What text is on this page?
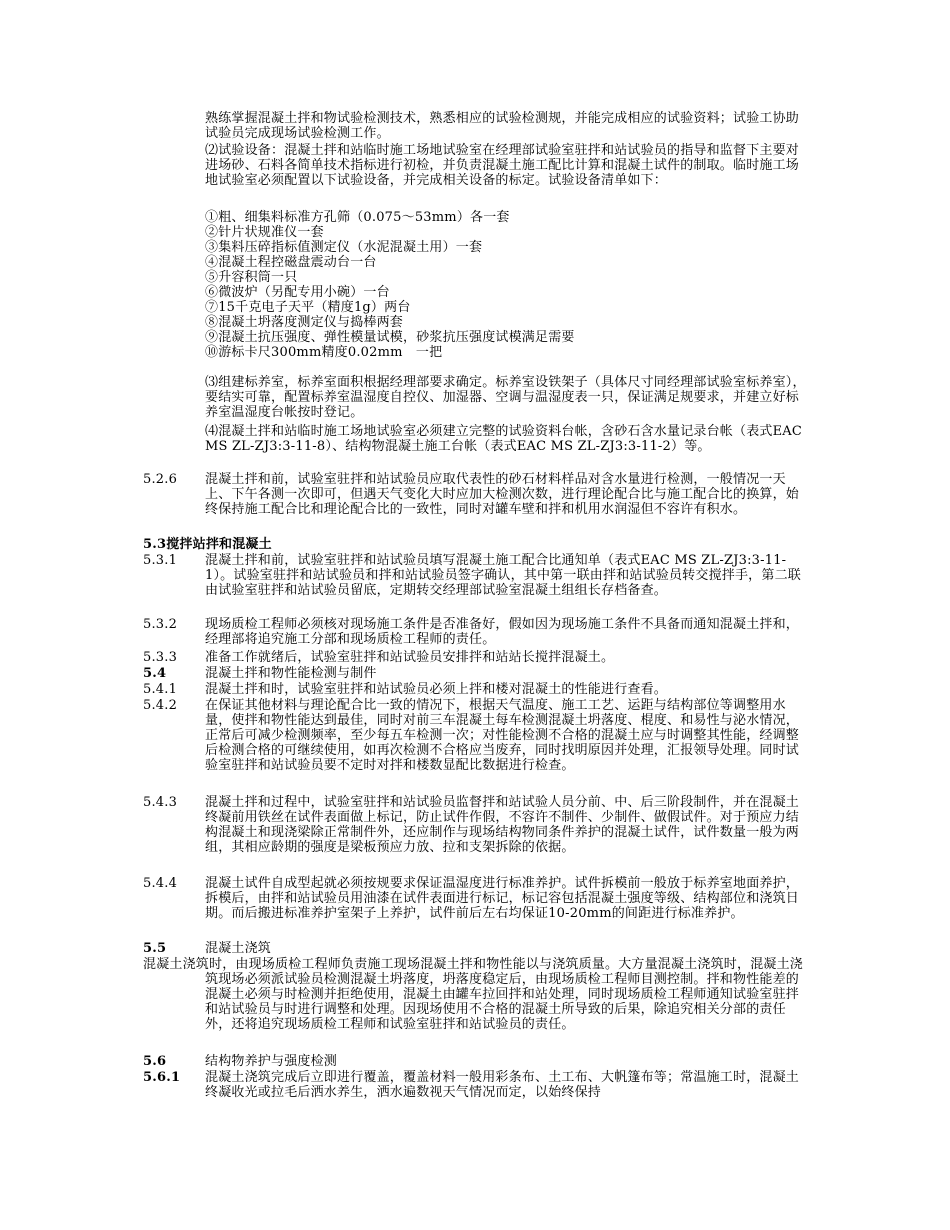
熟练掌握混凝土拌和物试验检测技术，熟悉相应的试验检测规，并能完成相应的试验资料；试验工协助试验员完成现场试验检测工作。

⑵试验设备：混凝土拌和站临时施工场地试验室在经理部试验室驻拌和站试验员的指导和监督下主要对进场砂、石料各简单技术指标进行初检，并负责混凝土施工配比计算和混凝土试件的制取。临时施工场地试验室必须配置以下试验设备，并完成相关设备的标定。试验设备清单如下：

①粗、细集料标准方孔筛（0.075～53mm）各一套
②针片状规准仪一套
③集料压碎指标值测定仪（水泥混凝土用）一套
④混凝土程控磁盘震动台一台
⑤升容积筒一只
⑥微波炉（另配专用小碗）一台
⑦15千克电子天平（精度1g）两台
⑧混凝土坍落度测定仪与捣棒两套
⑨混凝土抗压强度、弹性模量试模，砂浆抗压强度试模满足需要
⑩游标卡尺300mm精度0.02mm　一把

⑶组建标养室，标养室面积根据经理部要求确定。标养室设铁架子（具体尺寸同经理部试验室标养室），要结实可靠，配置标养室温湿度自控仪、加湿器、空调与温湿度表一只，保证满足规要求，并建立好标养室温湿度台帐按时登记。

⑷混凝土拌和站临时施工场地试验室必须建立完整的试验资料台帐，含砂石含水量记录台帐（表式EAC MS ZL-ZJ3:3-11-8）、结构物混凝土施工台帐（表式EAC MS ZL-ZJ3:3-11-2）等。

5.2.6 混凝土拌和前，试验室驻拌和站试验员应取代表性的砂石材料样品对含水量进行检测，一般情况一天上、下午各测一次即可，但遇天气变化大时应加大检测次数，进行理论配合比与施工配合比的换算，始终保持施工配合比和理论配合比的一致性，同时对罐车壁和拌和机用水润湿但不容许有积水。

5.3搅拌站拌和混凝土

5.3.1 混凝土拌和前，试验室驻拌和站试验员填写混凝土施工配合比通知单（表式EAC MS ZL-ZJ3:3-11-1）。试验室驻拌和站试验员和拌和站试验员签字确认，其中第一联由拌和站试验员转交搅拌手，第二联由试验室驻拌和站试验员留底，定期转交经理部试验室混凝土组组长存档备查。

5.3.2 现场质检工程师必须核对现场施工条件是否准备好，假如因为现场施工条件不具备而通知混凝土拌和，经理部将追究施工分部和现场质检工程师的责任。

5.3.3 准备工作就绪后，试验室驻拌和站试验员安排拌和站站长搅拌混凝土。

5.4	混凝土拌和物性能检测与制件

5.4.1 混凝土拌和时，试验室驻拌和站试验员必须上拌和楼对混凝土的性能进行查看。

5.4.2 在保证其他材料与理论配合比一致的情况下，根据天气温度、施工工艺、运距与结构部位等调整用水量，使拌和物性能达到最佳，同时对前三车混凝土每车检测混凝土坍落度、棍度、和易性与泌水情况，正常后可减少检测频率，至少每五车检测一次；对性能检测不合格的混凝土应与时调整其性能，经调整后检测合格的可继续使用，如再次检测不合格应当废弃，同时找明原因并处理，汇报领导处理。同时试验室驻拌和站试验员要不定时对拌和楼数显配比数据进行检查。

5.4.3 混凝土拌和过程中，试验室驻拌和站试验员监督拌和站试验人员分前、中、后三阶段制件，并在混凝土终凝前用铁丝在试件表面做上标记，防止试件作假，不容许不制件、少制件、做假试件。对于预应力结构混凝土和现浇梁除正常制件外，还应制作与现场结构物同条件养护的混凝土试件，试件数量一般为两组，其相应龄期的强度是梁板预应力放、拉和支架拆除的依据。

5.4.4 混凝土试件自成型起就必须按规要求保证温湿度进行标准养护。试件拆模前一般放于标养室地面养护，拆模后，由拌和站试验员用油漆在试件表面进行标记，标记容包括混凝土强度等级、结构部位和浇筑日期。而后搬进标准养护室架子上养护，试件前后左右均保证10-20mm的间距进行标准养护。

5.5	混凝土浇筑

混凝土浇筑时，由现场质检工程师负责施工现场混凝土拌和物性能以与浇筑质量。大方量混凝土浇筑时，混凝土浇筑现场必须派试验员检测混凝土坍落度，坍落度稳定后，由现场质检工程师目测控制。拌和物性能差的混凝土必须与时检测并拒绝使用，混凝土由罐车拉回拌和站处理，同时现场质检工程师通知试验室驻拌和站试验员与时进行调整和处理。因现场使用不合格的混凝土所导致的后果，除追究相关分部的责任外，还将追究现场质检工程师和试验室驻拌和站试验员的责任。

5.6	结构物养护与强度检测

5.6.1 混凝土浇筑完成后立即进行覆盖，覆盖材料一般用彩条布、土工布、大帆篷布等；常温施工时，混凝土终凝收光或拉毛后洒水养生，洒水遍数视天气情况而定，以始终保持
